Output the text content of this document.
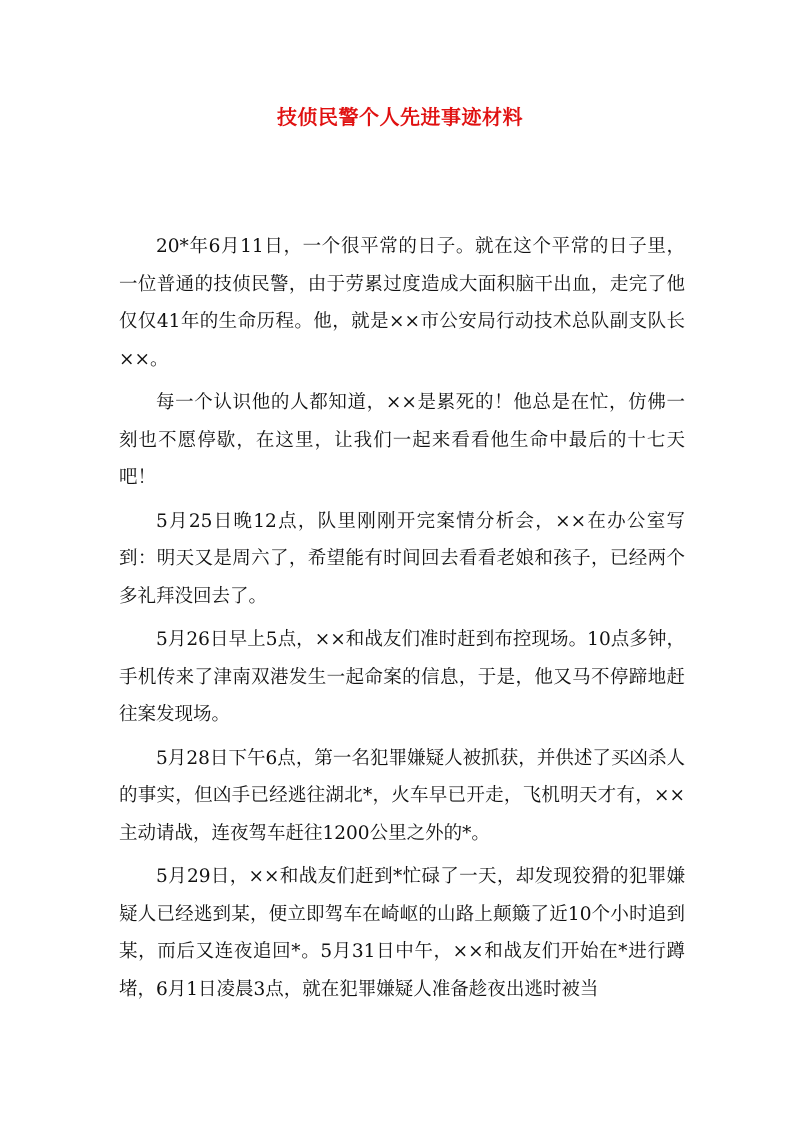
技侦民警个人先进事迹材料

20*年6月11日，一个很平常的日子。就在这个平常的日子里，一位普通的技侦民警，由于劳累过度造成大面积脑干出血，走完了他仅仅41年的生命历程。他，就是××市公安局行动技术总队副支队长××。

每一个认识他的人都知道，××是累死的！他总是在忙，仿佛一刻也不愿停歇，在这里，让我们一起来看看他生命中最后的十七天吧！

5月25日晚12点，队里刚刚开完案情分析会，××在办公室写到：明天又是周六了，希望能有时间回去看看老娘和孩子，已经两个多礼拜没回去了。

5月26日早上5点，××和战友们准时赶到布控现场。10点多钟，手机传来了津南双港发生一起命案的信息，于是，他又马不停蹄地赶往案发现场。

5月28日下午6点，第一名犯罪嫌疑人被抓获，并供述了买凶杀人的事实，但凶手已经逃往湖北*，火车早已开走，飞机明天才有，××主动请战，连夜驾车赶往1200公里之外的*。

5月29日，××和战友们赶到*忙碌了一天，却发现狡猾的犯罪嫌疑人已经逃到某，便立即驾车在崎岖的山路上颠簸了近10个小时追到某，而后又连夜追回*。5月31日中午，××和战友们开始在*进行蹲堵，6月1日凌晨3点，就在犯罪嫌疑人准备趁夜出逃时被当
